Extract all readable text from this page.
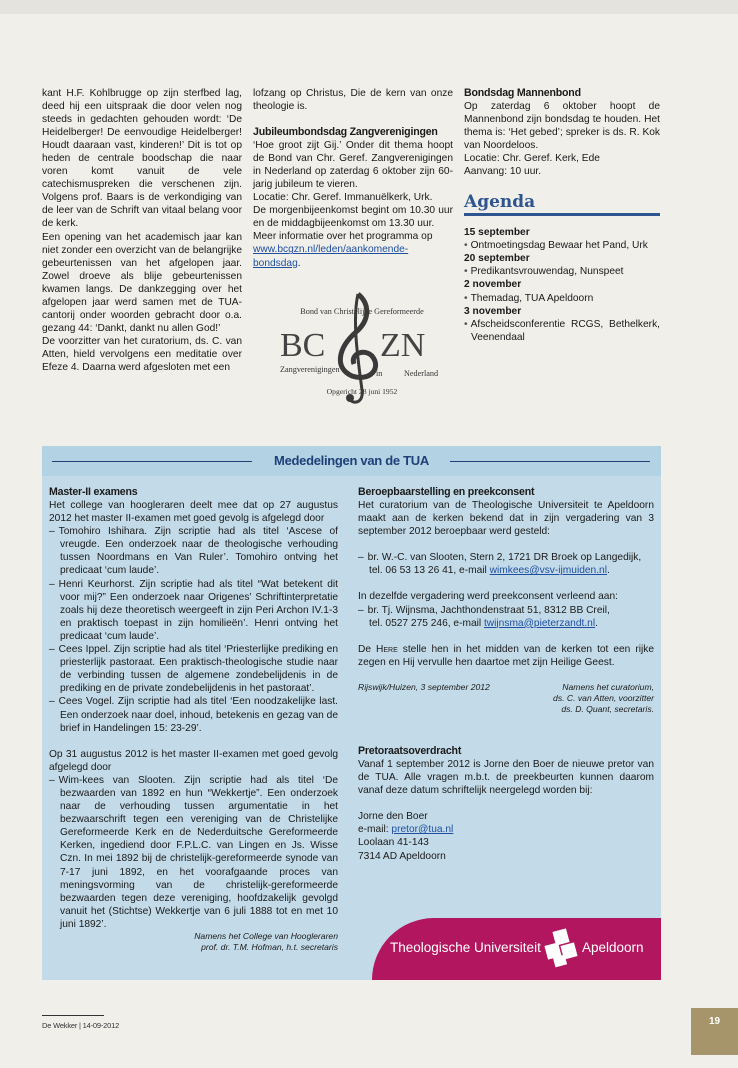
kant H.F. Kohlbrugge op zijn sterfbed lag, deed hij een uitspraak die door velen nog steeds in gedachten gehouden wordt: ‘De Heidelberger! De eenvoudige Heidelberger! Houdt daaraan vast, kinderen!’ Dit is tot op heden de centrale boodschap die naar voren komt vanuit de vele catechismuspreken die verschenen zijn. Volgens prof. Baars is de verkondiging van de leer van de Schrift van vitaal belang voor de kerk.

Een opening van het academisch jaar kan niet zonder een overzicht van de belangrijke gebeurtenissen van het afgelopen jaar. Zowel droeve als blije gebeurtenissen kwamen langs. De dankzegging over het afgelopen jaar werd samen met de TUA-cantorij onder woorden gebracht door o.a. gezang 44: ‘Dankt, dankt nu allen God!’

De voorzitter van het curatorium, ds. C. van Atten, hield vervolgens een meditatie over Efeze 4. Daarna werd afgesloten met een

lofzang op Christus, Die de kern van onze theologie is.

Jubileumbondsdag Zangverenigingen

‘Hoe groot zijt Gij.’ Onder dit thema hoopt de Bond van Chr. Geref. Zangverenigingen in Nederland op zaterdag 6 oktober zijn 60-jarig jubileum te vieren.

Locatie: Chr. Geref. Immanuëlkerk, Urk.

De morgenbijeenkomst begint om 10.30 uur en de middagbijeenkomst om 13.30 uur.

Meer informatie over het programma op www.bcgzn.nl/leden/aankomende-bondsdag.

Bond van Christelijke Gereformeerde
BC ZN
Zangverenigingen	in	Nederland
Opgericht 28 juni 1952
Bondsdag Mannenbond

Op zaterdag 6 oktober hoopt de Mannenbond zijn bondsdag te houden. Het thema is: ‘Het gebed’; spreker is ds. R. Kok van Noordeloos.

Locatie: Chr. Geref. Kerk, Ede

Aanvang: 10 uur.

Agenda

15 september

• Ontmoetingsdag Bewaar het Pand, Urk

20 september

• Predikantsvrouwendag, Nunspeet

2 november

• Themadag, TUA Apeldoorn

3 november

• Afscheidsconferentie RCGS, Bethelkerk, Veenendaal

Mededelingen van de TUA
Master-II examens

Het college van hoogleraren deelt mee dat op 27 augustus 2012 het master II-examen met goed gevolg is afgelegd door

– Tomohiro Ishihara. Zijn scriptie had als titel ‘Ascese of vreugde. Een onderzoek naar de theologische verhouding tussen Noordmans en Van Ruler’. Tomohiro ontving het predicaat ‘cum laude’.

– Henri Keurhorst. Zijn scriptie had als titel “Wat betekent dit voor mij?” Een onderzoek naar Origenes’ Schriftinterpretatie zoals hij deze theoretisch weergeeft in zijn Peri Archon IV.1-3 en praktisch toepast in zijn homilieën’. Henri ontving het predicaat ‘cum laude’.

– Cees Ippel. Zijn scriptie had als titel ‘Priesterlijke prediking en priesterlijk pastoraat. Een praktisch-theologische studie naar de verbinding tussen de algemene zondebelijdenis in de prediking en de private zondebelijdenis in het pastoraat’.

– Cees Vogel. Zijn scriptie had als titel ‘Een noodzakelijke last. Een onderzoek naar doel, inhoud, betekenis en gezag van de brief in Handelingen 15: 23-29’.

Op 31 augustus 2012 is het master II-examen met goed gevolg afgelegd door

– Wim-kees van Slooten. Zijn scriptie had als titel ‘De bezwaarden van 1892 en hun “Wekkertje”. Een onderzoek naar de verhouding tussen argumentatie in het bezwaarschrift tegen een vereniging van de Christelijke Gereformeerde Kerk en de Nederduitsche Gereformeerde Kerken, ingediend door F.P.L.C. van Lingen en Js. Wisse Czn. In mei 1892 bij de christelijk-gereformeerde synode van 7-17 juni 1892, en het voorafgaande proces van meningsvorming van de christelijk-gereformeerde bezwaarden tegen deze vereniging, hoofdzakelijk gevolgd vanuit het (Stichtse) Wekkertje van 6 juli 1888 tot en met 10 juni 1892’.

Namens het College van Hoogleraren

prof. dr. T.M. Hofman, h.t. secretaris

Beroepbaarstelling en preekconsent

Het curatorium van de Theologische Universiteit te Apeldoorn maakt aan de kerken bekend dat in zijn vergadering van 3 september 2012 beroepbaar werd gesteld:

– br. W.-C. van Slooten, Stern 2, 1721 DR Broek op Langedijk,

tel. 06 53 13 26 41, e-mail wimkees@vsv-ijmuiden.nl.

In dezelfde vergadering werd preekconsent verleend aan:

– br. Tj. Wijnsma, Jachthondenstraat 51, 8312 BB Creil,

tel. 0527 275 246, e-mail twijnsma@pieterzandt.nl.

De Here stelle hen in het midden van de kerken tot een rijke zegen en Hij vervulle hen daartoe met zijn Heilige Geest.

Rijswijk/Huizen, 3 september 2012	Namens het curatorium,

ds. C. van Atten, voorzitter

ds. D. Quant, secretaris.

Pretoraatsoverdracht

Vanaf 1 september 2012 is Jorne den Boer de nieuwe pretor van de TUA. Alle vragen m.b.t. de preekbeurten kunnen daarom vanaf deze datum schriftelijk neergelegd worden bij:

Jorne den Boer

e-mail: pretor@tua.nl

Loolaan 41-143

7314 AD Apeldoorn

Theologische Universiteit	Apeldoorn
De Wekker | 14-09-2012	19
